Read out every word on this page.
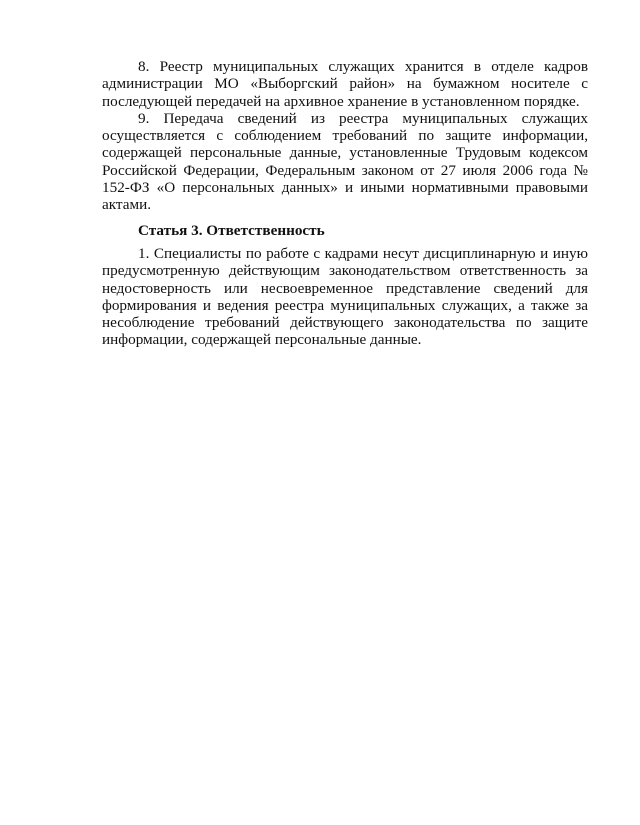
8. Реестр муниципальных служащих хранится в отделе кадров администрации МО «Выборгский район» на бумажном носителе с последующей передачей на архивное хранение в установленном порядке.

9. Передача сведений из реестра муниципальных служащих осуществляется с соблюдением требований по защите информации, содержащей персональные данные, установленные Трудовым кодексом Российской Федерации, Федеральным законом от 27 июля 2006 года № 152-ФЗ «О персональных данных» и иными нормативными правовыми актами.

Статья 3. Ответственность

1. Специалисты по работе с кадрами несут дисциплинарную и иную предусмотренную действующим законодательством ответственность за недостоверность или несвоевременное представление сведений для формирования и ведения реестра муниципальных служащих, а также за несоблюдение требований действующего законодательства по защите информации, содержащей персональные данные.
